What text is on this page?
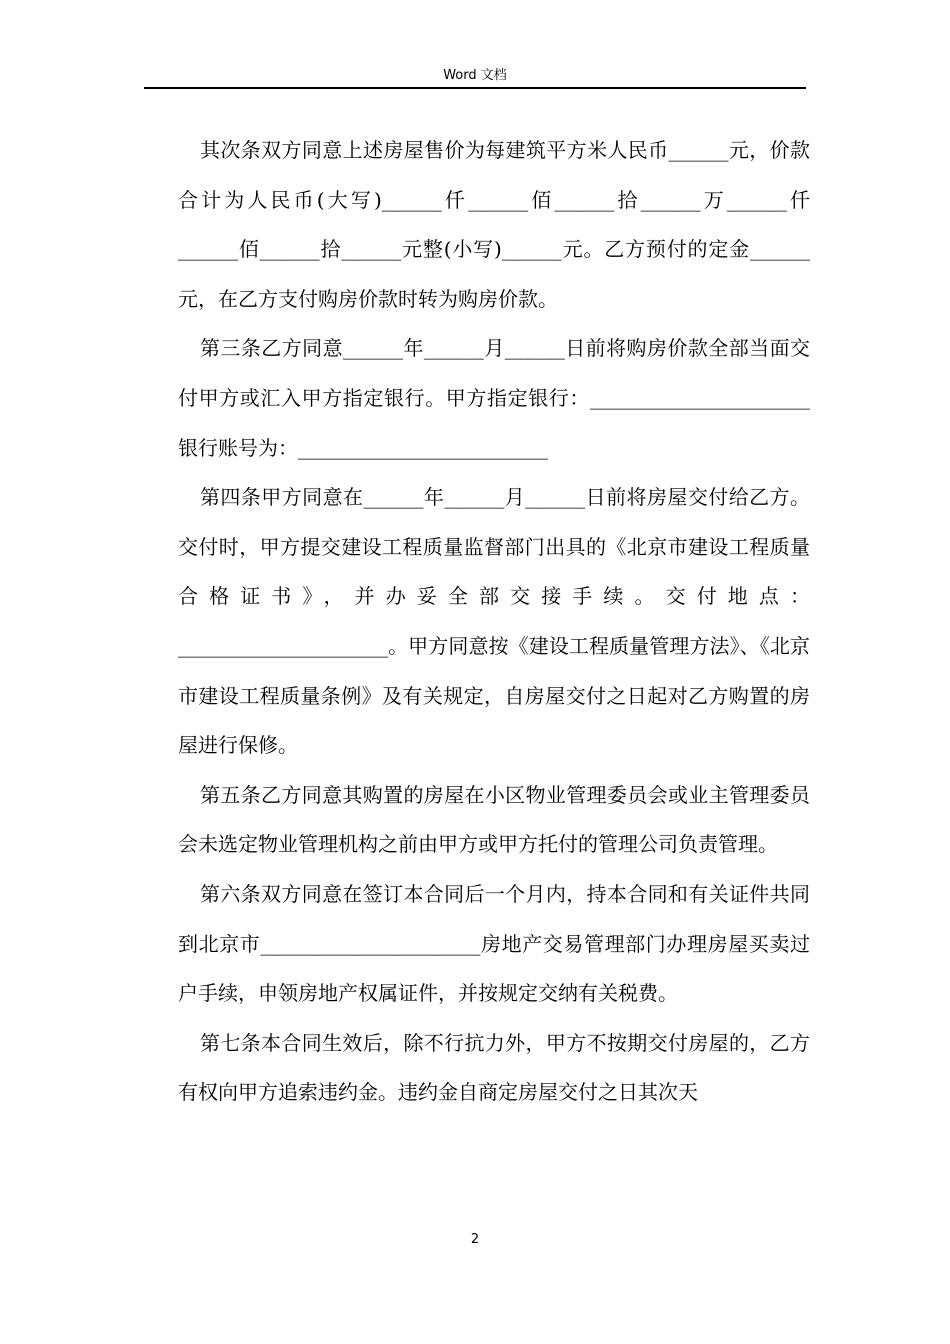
Word 文档

其次条双方同意上述房屋售价为每建筑平方米人民币______元，价款合计为人民币(大写)______仟______佰______拾______万______仟______佰______拾______元整(小写)______元。乙方预付的定金______元，在乙方支付购房价款时转为购房价款。

第三条乙方同意______年______月______日前将购房价款全部当面交付甲方或汇入甲方指定银行。甲方指定银行：______________________银行账号为：_________________________

第四条甲方同意在______年______月______日前将房屋交付给乙方。交付时，甲方提交建设工程质量监督部门出具的《北京市建设工程质量合格证书》，并办妥全部交接手续。交付地点：_____________________。甲方同意按《建设工程质量管理方法》、《北京市建设工程质量条例》及有关规定，自房屋交付之日起对乙方购置的房屋进行保修。

第五条乙方同意其购置的房屋在小区物业管理委员会或业主管理委员会未选定物业管理机构之前由甲方或甲方托付的管理公司负责管理。

第六条双方同意在签订本合同后一个月内，持本合同和有关证件共同到北京市______________________房地产交易管理部门办理房屋买卖过户手续，申领房地产权属证件，并按规定交纳有关税费。

第七条本合同生效后，除不行抗力外，甲方不按期交付房屋的，乙方有权向甲方追索违约金。违约金自商定房屋交付之日其次天

2
